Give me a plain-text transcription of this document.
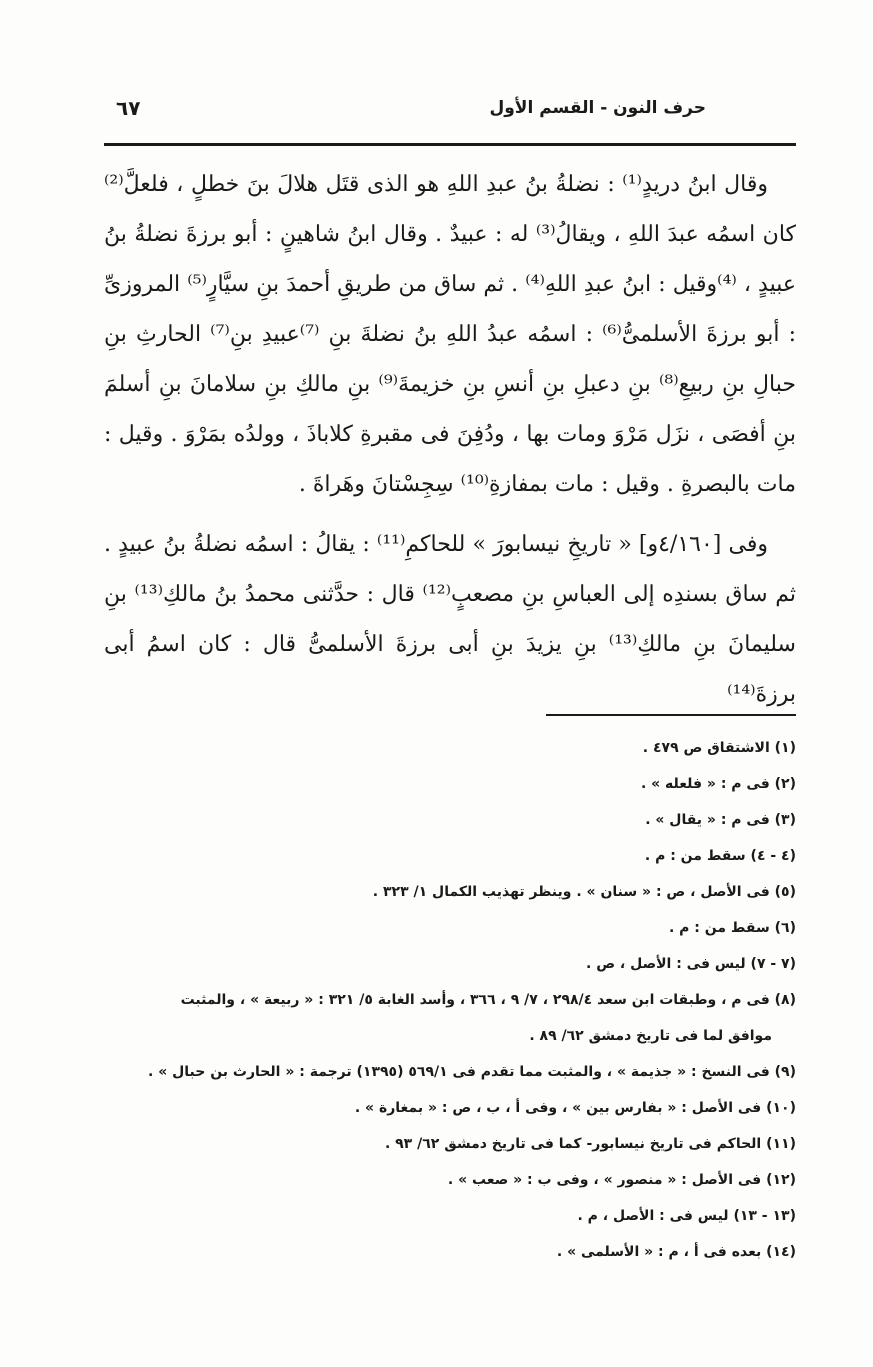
حرف النون - القسم الأول
٦٧

وقال ابنُ دريدٍ⁽¹⁾ : نضلةُ بنُ عبدِ اللهِ هو الذى قتَل هلالَ بنَ خطلٍ ، فلعلَّ⁽²⁾ كان اسمُه عبدَ اللهِ ، ويقالُ⁽³⁾ له : عبيدٌ . وقال ابنُ شاهينٍ : أبو برزةَ نضلةُ بنُ عبيدٍ ، ⁽⁴⁾وقيل : ابنُ عبدِ اللهِ⁽⁴⁾ . ثم ساق من طريقِ أحمدَ بنِ سيَّارٍ⁽⁵⁾ المروزىِّ : أبو برزةَ الأسلمىُّ⁽⁶⁾ : اسمُه عبدُ اللهِ بنُ نضلةَ بنِ ⁽⁷⁾عبيدِ بنِ⁽⁷⁾ الحارثِ بنِ حبالِ بنِ ربيعِ⁽⁸⁾ بنِ دعبلِ بنِ أنسِ بنِ خزيمةَ⁽⁹⁾ بنِ مالكِ بنِ سلامانَ بنِ أسلمَ بنِ أفصَى ، نزَل مَرْوَ ومات بها ، ودُفِنَ فى مقبرةِ كلاباذَ ، وولدُه بمَرْوَ . وقيل : مات بالبصرةِ . وقيل : مات بمفازةِ⁽¹⁰⁾ سِجِسْتانَ وهَراةَ .

وفى [٤/١٦٠و] « تاريخِ نيسابورَ » للحاكمِ⁽¹¹⁾ : يقالُ : اسمُه نضلةُ بنُ عبيدٍ . ثم ساق بسندِه إلى العباسِ بنِ مصعبٍ⁽¹²⁾ قال : حدَّثنى محمدُ بنُ مالكِ⁽¹³⁾ بنِ سليمانَ بنِ مالكِ⁽¹³⁾ بنِ يزيدَ بنِ أبى برزةَ الأسلمىُّ قال : كان اسمُ أبى برزةَ⁽¹⁴⁾

(١) الاشتقاق ص ٤٧٩ .
(٢) فى م : « فلعله » .
(٣) فى م : « يقال » .
(٤ - ٤) سقط من : م .
(٥) فى الأصل ، ص : « سنان » . وينظر تهذيب الكمال ١/ ٣٢٣ .
(٦) سقط من : م .
(٧ - ٧) ليس فى : الأصل ، ص .
(٨) فى م ، وطبقات ابن سعد ٢٩٨/٤ ، ٧/ ٩ ، ٣٦٦ ، وأسد الغابة ٥/ ٣٢١ : « ربيعة » ، والمثبت
موافق لما فى تاريخ دمشق ٦٢/ ٨٩ .
(٩) فى النسخ : « جذيمة » ، والمثبت مما تقدم فى ٥٦٩/١ (١٣٩٥) ترجمة : « الحارث بن حبال » .
(١٠) فى الأصل : « بفارس بين » ، وفى أ ، ب ، ص : « بمغارة » .
(١١) الحاكم فى تاريخ نيسابور- كما فى تاريخ دمشق ٦٢/ ٩٣ .
(١٢) فى الأصل : « منصور » ، وفى ب : « صعب » .
(١٣ - ١٣) ليس فى : الأصل ، م .
(١٤) بعده فى أ ، م : « الأسلمى » .
